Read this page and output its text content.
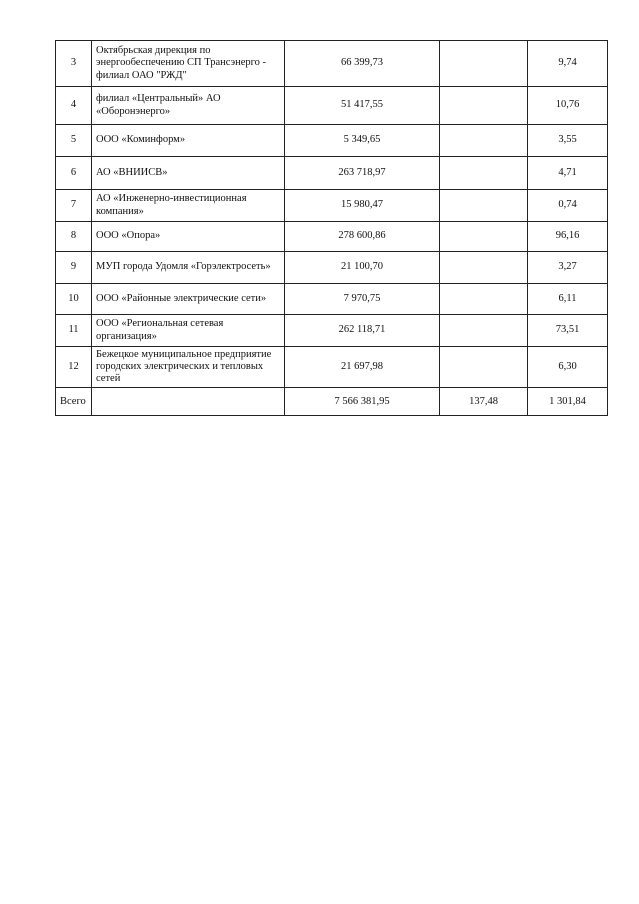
3	Октябрьская дирекция по энергообеспечению СП Трансэнерго - филиал ОАО "РЖД"	66 399,73		9,74
4	филиал «Центральный» АО «Оборонэнерго»	51 417,55		10,76
5	ООО «Коминформ»	5 349,65		3,55
6	АО «ВНИИСВ»	263 718,97		4,71
7	АО «Инженерно-инвестиционная компания»	15 980,47		0,74
8	ООО «Опора»	278 600,86		96,16
9	МУП города Удомля «Горэлектросеть»	21 100,70		3,27
10	ООО «Районные электрические сети»	7 970,75		6,11
11	ООО «Региональная сетевая организация»	262 118,71		73,51
12	Бежецкое муниципальное предприятие городских электрических и тепловых сетей	21 697,98		6,30
Всего		7 566 381,95	137,48	1 301,84
